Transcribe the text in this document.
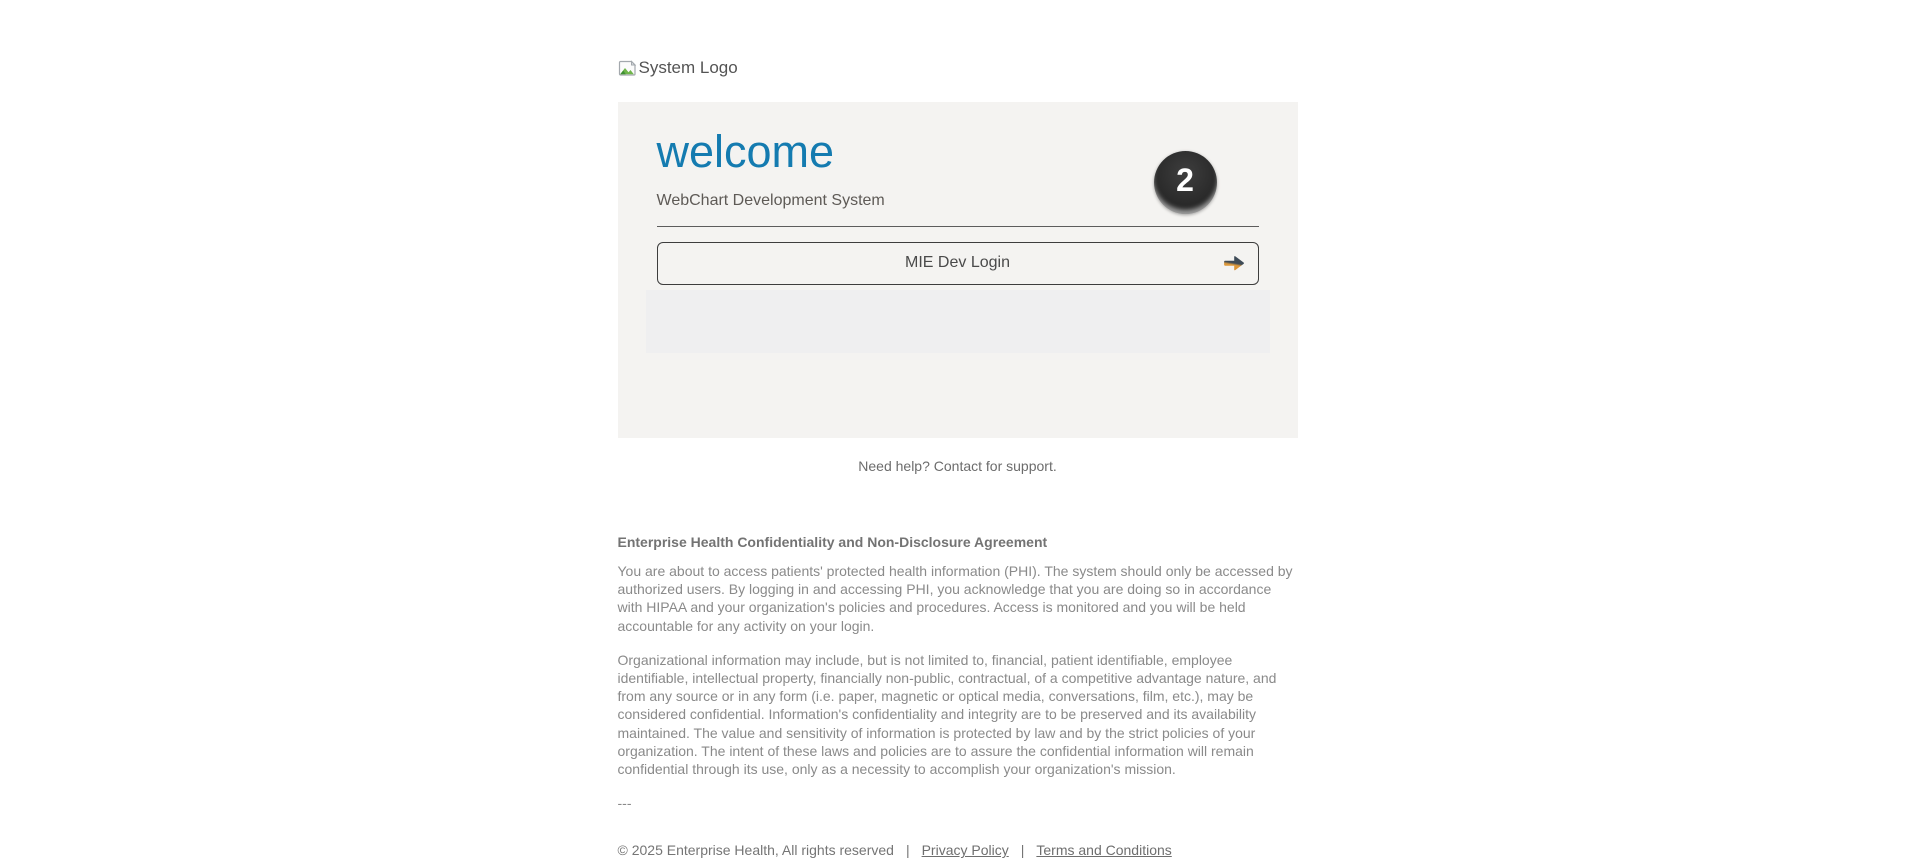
System Logo
welcome
WebChart Development System
MIE Dev Login
2
Need help? Contact for support.
Enterprise Health Confidentiality and Non-Disclosure Agreement

You are about to access patients' protected health information (PHI). The system should only be accessed by authorized users. By logging in and accessing PHI, you acknowledge that you are doing so in accordance with HIPAA and your organization's policies and procedures. Access is monitored and you will be held accountable for any activity on your login.

Organizational information may include, but is not limited to, financial, patient identifiable, employee identifiable, intellectual property, financially non-public, contractual, of a competitive advantage nature, and from any source or in any form (i.e. paper, magnetic or optical media, conversations, film, etc.), may be considered confidential. Information's confidentiality and integrity are to be preserved and its availability maintained. The value and sensitivity of information is protected by law and by the strict policies of your organization. The intent of these laws and policies are to assure the confidential information will remain confidential through its use, only as a necessity to accomplish your organization's mission.

---

© 2025 Enterprise Health, All rights reserved | Privacy Policy | Terms and Conditions
